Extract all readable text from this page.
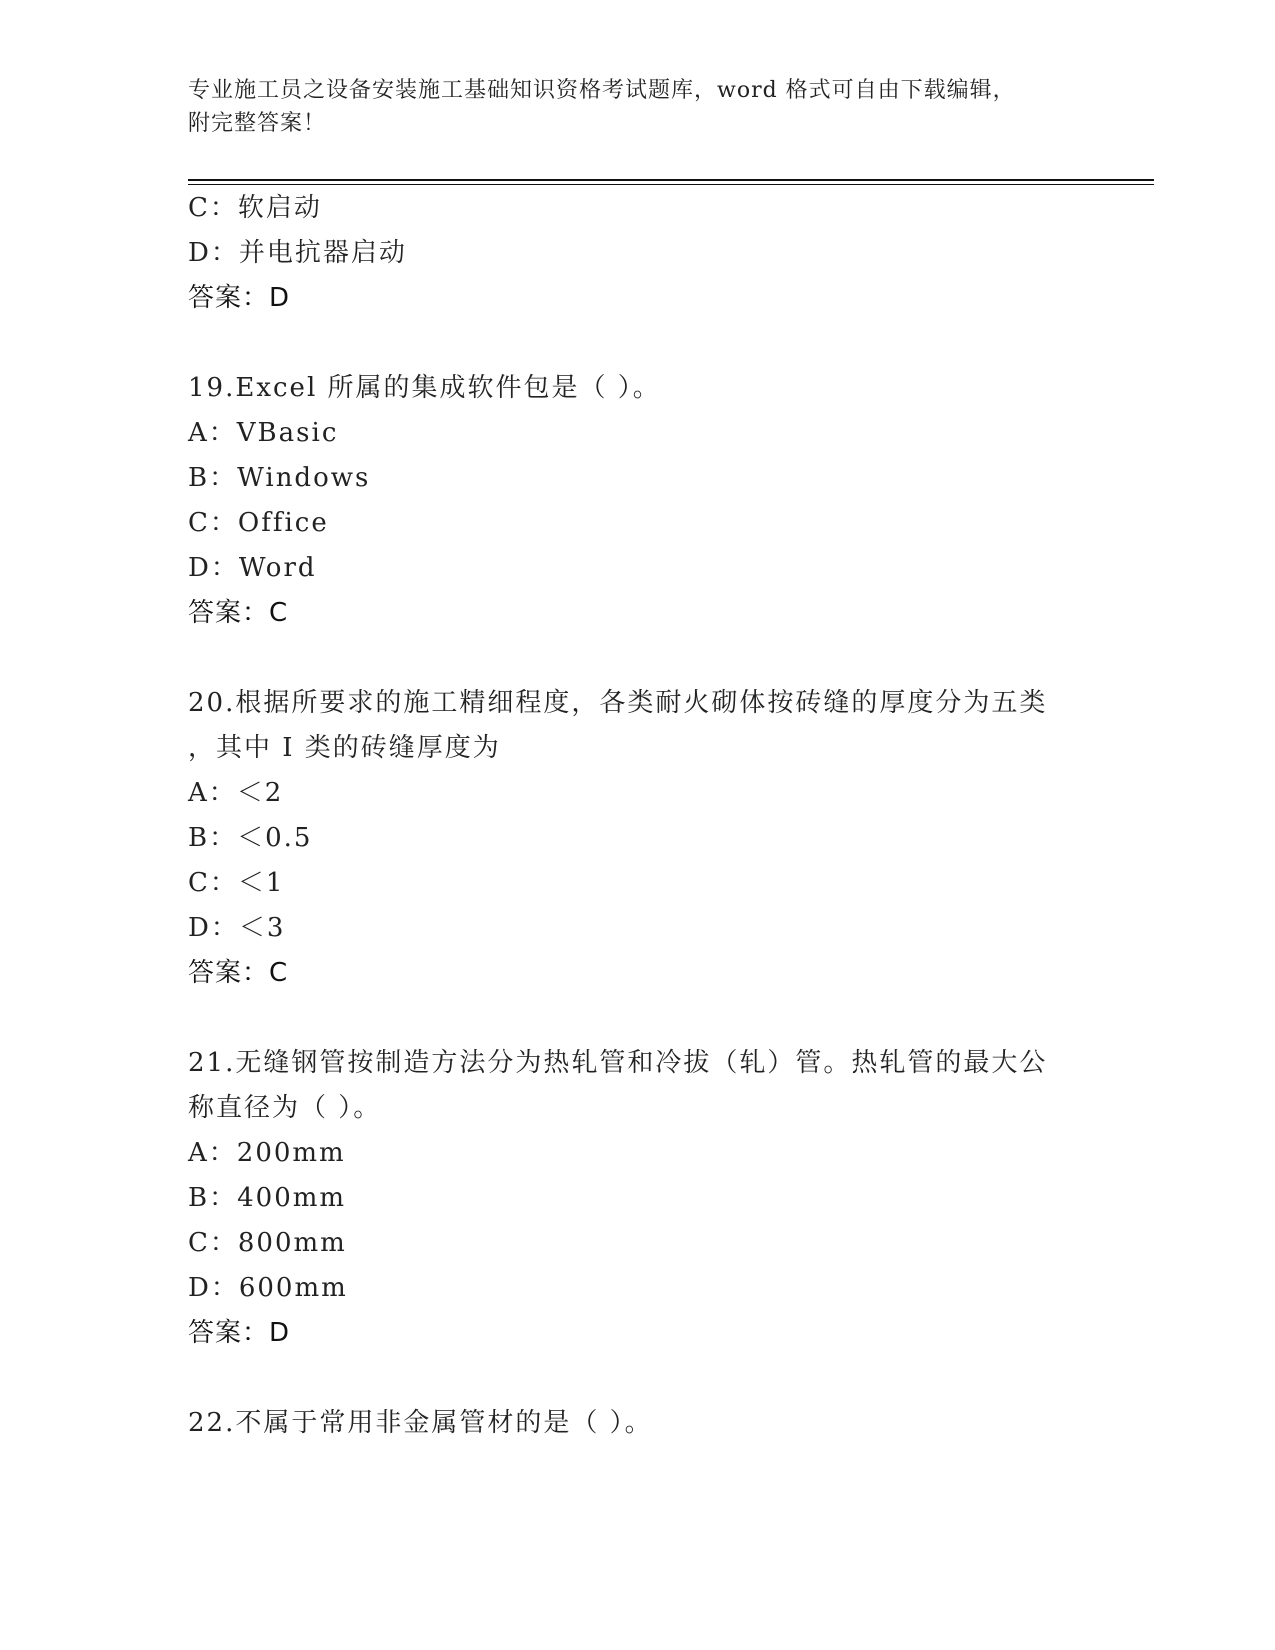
专业施工员之设备安装施工基础知识资格考试题库，word 格式可自由下载编辑，
附完整答案！
C：软启动
D：并电抗器启动
答案：D
19.Excel 所属的集成软件包是（ ）。
A：VBasic
B：Windows
C：Office
D：Word
答案：C
20.根据所要求的施工精细程度，各类耐火砌体按砖缝的厚度分为五类
，其中 I 类的砖缝厚度为
A：＜2
B：＜0.5
C：＜1
D：＜3
答案：C
21.无缝钢管按制造方法分为热轧管和冷拔（轧）管。热轧管的最大公
称直径为（ ）。
A：200mm
B：400mm
C：800mm
D：600mm
答案：D
22.不属于常用非金属管材的是（ ）。
